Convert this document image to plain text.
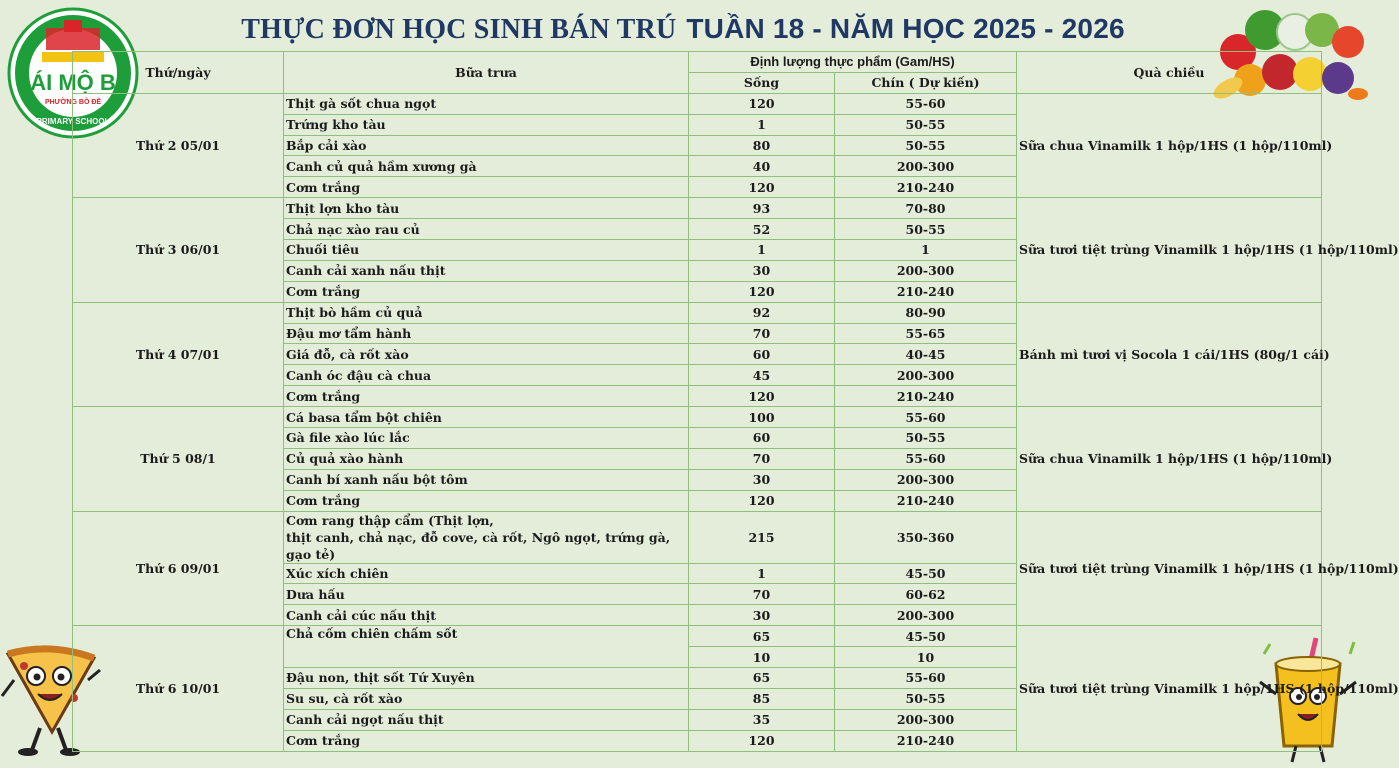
ÁI MỘ B
PHƯỜNG BỒ ĐỀ
PRIMARY SCHOOL
THỰC ĐƠN HỌC SINH BÁN TRÚ TUẦN 18 - NĂM HỌC 2025 - 2026
Thứ/ngày	Bữa trưa	Định lượng thực phẩm (Gam/HS)		Quà chiều
		Sống	Chín ( Dự kiến)	
Thứ 2 05/01	Thịt gà sốt chua ngọt	120	55-60	Sữa chua Vinamilk 1 hộp/1HS (1 hộp/110ml)
	Trứng kho tàu	1	50-55	
	Bắp cải xào	80	50-55	
	Canh củ quả hầm xương gà	40	200-300	
	Cơm trắng	120	210-240	
Thứ 3 06/01	Thịt lợn kho tàu	93	70-80	Sữa tươi tiệt trùng Vinamilk 1 hộp/1HS (1 hộp/110ml)
	Chả nạc xào rau củ	52	50-55	
	Chuối tiêu	1	1	
	Canh cải xanh nấu thịt	30	200-300	
	Cơm trắng	120	210-240	
Thứ 4 07/01	Thịt bò hầm củ quả	92	80-90	Bánh mì tươi vị Socola 1 cái/1HS (80g/1 cái)
	Đậu mơ tẩm hành	70	55-65	
	Giá đỗ, cà rốt xào	60	40-45	
	Canh óc đậu cà chua	45	200-300	
	Cơm trắng	120	210-240	
Thứ 5 08/1	Cá basa tẩm bột chiên	100	55-60	Sữa chua Vinamilk 1 hộp/1HS (1 hộp/110ml)
	Gà file xào lúc lắc	60	50-55	
	Củ quả xào hành	70	55-60	
	Canh bí xanh nấu bột tôm	30	200-300	
	Cơm trắng	120	210-240	
Thứ 6 09/01	Cơm rang thập cẩm (Thịt lợn,
thịt canh, chả nạc, đỗ cove, cà rốt, Ngô ngọt, trứng gà, gạo tẻ)	215	350-360	Sữa tươi tiệt trùng Vinamilk 1 hộp/1HS (1 hộp/110ml)
	Xúc xích chiên	1	45-50	
	Dưa hấu	70	60-62	
	Canh cải cúc nấu thịt	30	200-300	
Thứ 6 10/01	Chả cốm chiên chấm sốt	65	45-50	Sữa tươi tiệt trùng Vinamilk 1 hộp/1HS (1 hộp/110ml)
		10	10	
	Đậu non, thịt sốt Tứ Xuyên	65	55-60	
	Su su, cà rốt xào	85	50-55	
	Canh cải ngọt nấu thịt	35	200-300	
	Cơm trắng	120	210-240	
